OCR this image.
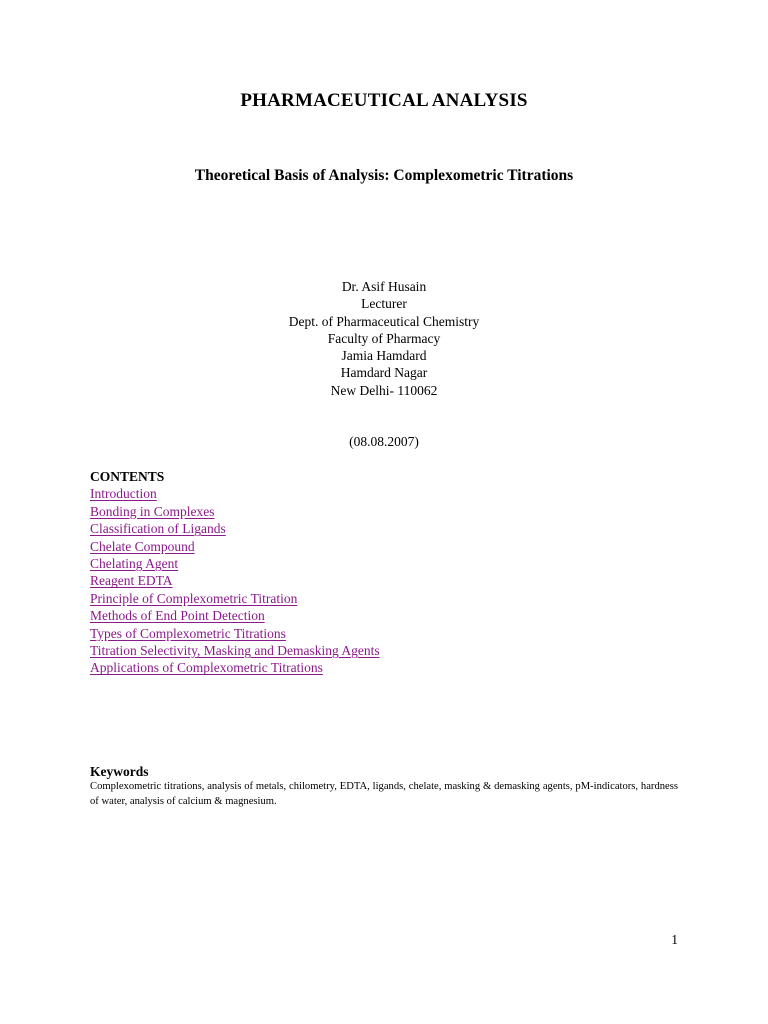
PHARMACEUTICAL ANALYSIS
Theoretical Basis of Analysis: Complexometric Titrations
Dr. Asif Husain
Lecturer
Dept. of Pharmaceutical Chemistry
Faculty of Pharmacy
Jamia Hamdard
Hamdard Nagar
New Delhi- 110062
(08.08.2007)
CONTENTS
Introduction
Bonding in Complexes
Classification of Ligands
Chelate Compound
Chelating Agent
Reagent EDTA
Principle of Complexometric Titration
Methods of End Point Detection
Types of Complexometric Titrations
Titration Selectivity, Masking and Demasking Agents
Applications of Complexometric Titrations
Keywords
Complexometric titrations, analysis of metals, chilometry, EDTA, ligands, chelate, masking & demasking agents, pM-indicators, hardness of water, analysis of calcium & magnesium.
1
